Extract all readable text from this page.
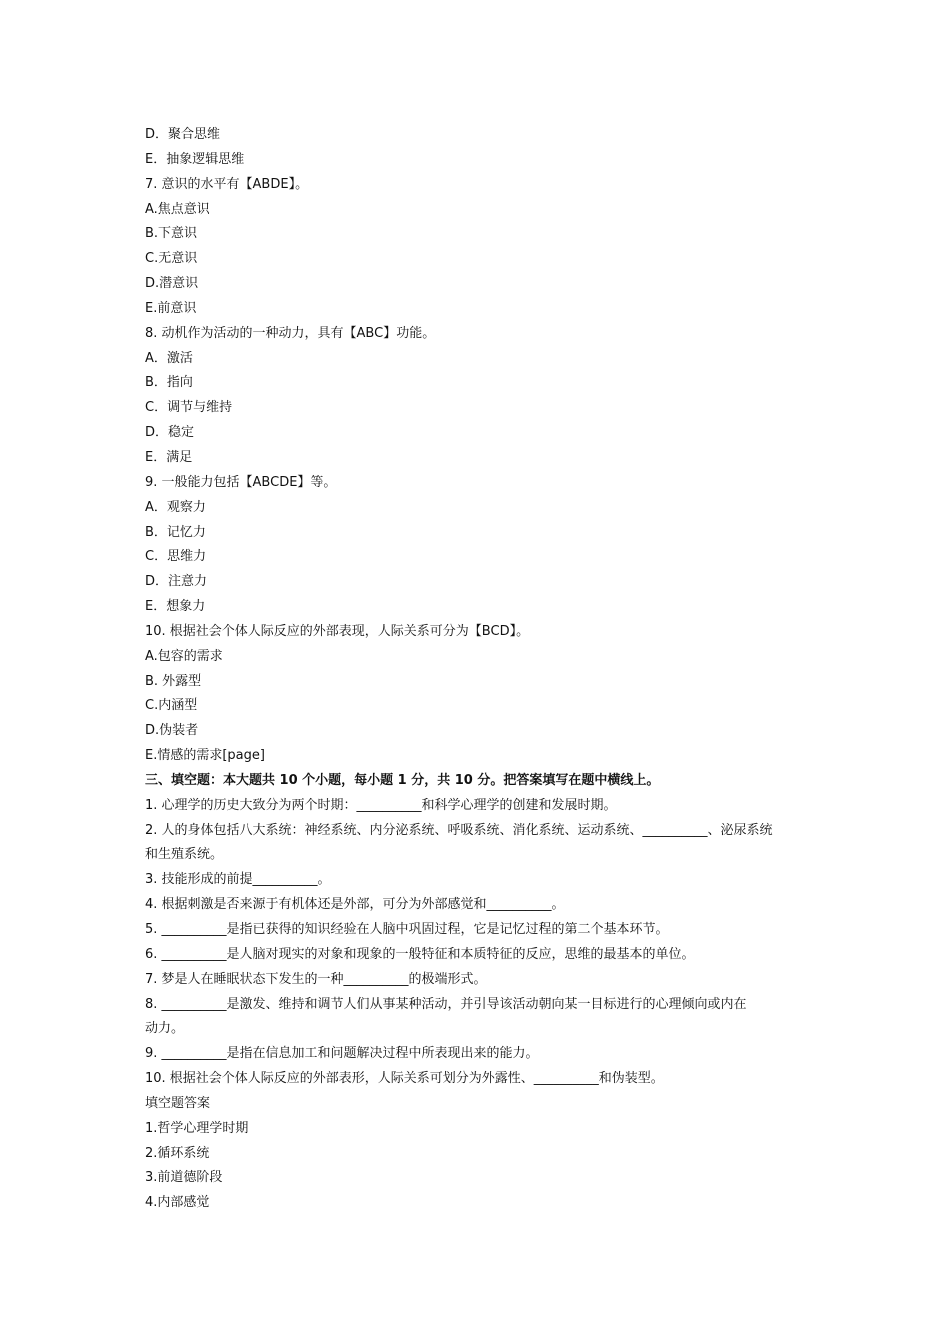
D．聚合思维
E．抽象逻辑思维
7. 意识的水平有【ABDE】。
A.焦点意识
B.下意识
C.无意识
D.潜意识
E.前意识
8. 动机作为活动的一种动力，具有【ABC】功能。
A．激活
B．指向
C．调节与维持
D．稳定
E．满足
9. 一般能力包括【ABCDE】等。
A．观察力
B．记忆力
C．思维力
D．注意力
E．想象力
10. 根据社会个体人际反应的外部表现，人际关系可分为【BCD】。
A.包容的需求
B. 外露型
C.内涵型
D.伪装者
E.情感的需求[page]
三、填空题：本大题共 10 个小题，每小题 1 分，共 10 分。把答案填写在题中横线上。
1. 心理学的历史大致分为两个时期：__________和科学心理学的创建和发展时期。
2. 人的身体包括八大系统：神经系统、内分泌系统、呼吸系统、消化系统、运动系统、__________、泌尿系统
和生殖系统。
3. 技能形成的前提__________。
4. 根据刺激是否来源于有机体还是外部，可分为外部感觉和__________。
5. __________是指已获得的知识经验在人脑中巩固过程，它是记忆过程的第二个基本环节。
6. __________是人脑对现实的对象和现象的一般特征和本质特征的反应，思维的最基本的单位。
7. 梦是人在睡眠状态下发生的一种__________的极端形式。
8. __________是激发、维持和调节人们从事某种活动，并引导该活动朝向某一目标进行的心理倾向或内在
动力。
9. __________是指在信息加工和问题解决过程中所表现出来的能力。
10. 根据社会个体人际反应的外部表形，人际关系可划分为外露性、__________和伪装型。
填空题答案
1.哲学心理学时期
2.循环系统
3.前道德阶段
4.内部感觉
